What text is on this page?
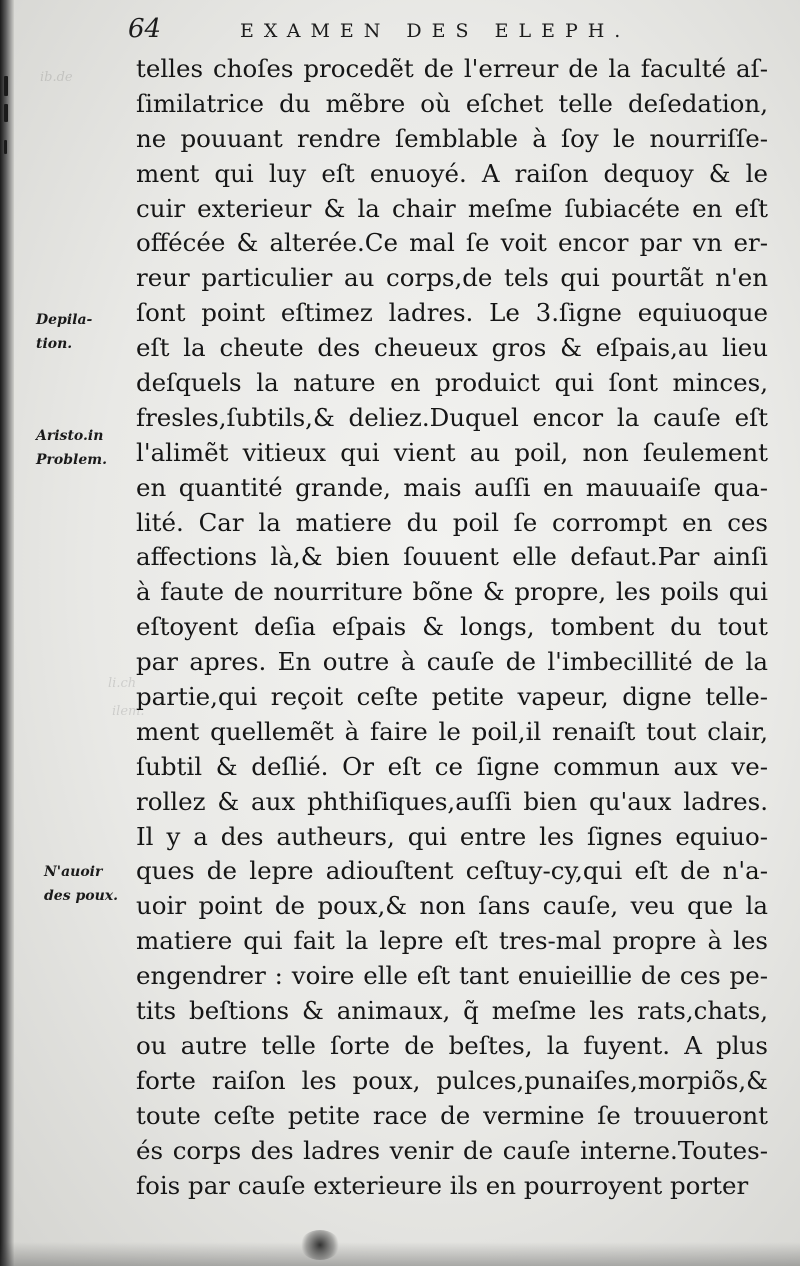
ib.de
li.ch
ilem.
64	EXAMEN DES ELEPH.
Depila-
tion.
Aristo.in
Problem.
N'auoir
des poux.
telles choſes procedẽt de l'erreur de la faculté aſ-
ſimilatrice du mẽbre où eſchet telle deſedation,
ne pouuant rendre ſemblable à ſoy le nourriſſe-
ment qui luy eſt enuoyé. A raiſon dequoy & le
cuir exterieur & la chair meſme ſubiacéte en eſt
offécée & alterée.Ce mal ſe voit encor par vn er-
reur particulier au corps,de tels qui pourtãt n'en
ſont point eſtimez ladres. Le 3.ſigne equiuoque
eſt la cheute des cheueux gros & eſpais,au lieu
deſquels la nature en produict qui ſont minces,
fresles,ſubtils,& deliez.Duquel encor la cauſe eſt
l'alimẽt vitieux qui vient au poil, non ſeulement
en quantité grande, mais auſſi en mauuaiſe qua-
lité. Car la matiere du poil ſe corrompt en ces
affections là,& bien ſouuent elle defaut.Par ainſi
à faute de nourriture bõne & propre, les poils qui
eſtoyent deſia eſpais & longs, tombent du tout
par apres. En outre à cauſe de l'imbecillité de la
partie,qui reçoit ceſte petite vapeur, digne telle-
ment quellemẽt à faire le poil,il renaiſt tout clair,
ſubtil & deſlié. Or eſt ce ſigne commun aux ve-
rollez & aux phthiſiques,auſſi bien qu'aux ladres.
Il y a des autheurs, qui entre les ſignes equiuo-
ques de lepre adiouſtent ceſtuy-cy,qui eſt de n'a-
uoir point de poux,& non ſans cauſe, veu que la
matiere qui fait la lepre eſt tres-mal propre à les
engendrer : voire elle eſt tant enuieillie de ces pe-
tits beſtions & animaux, q̃ meſme les rats,chats,
ou autre telle ſorte de beſtes, la fuyent. A plus
forte raiſon les poux, pulces,punaiſes,morpiõs,&
toute ceſte petite race de vermine ſe trouueront
és corps des ladres venir de cauſe interne.Toutes-
fois par cauſe exterieure ils en pourroyent porter
